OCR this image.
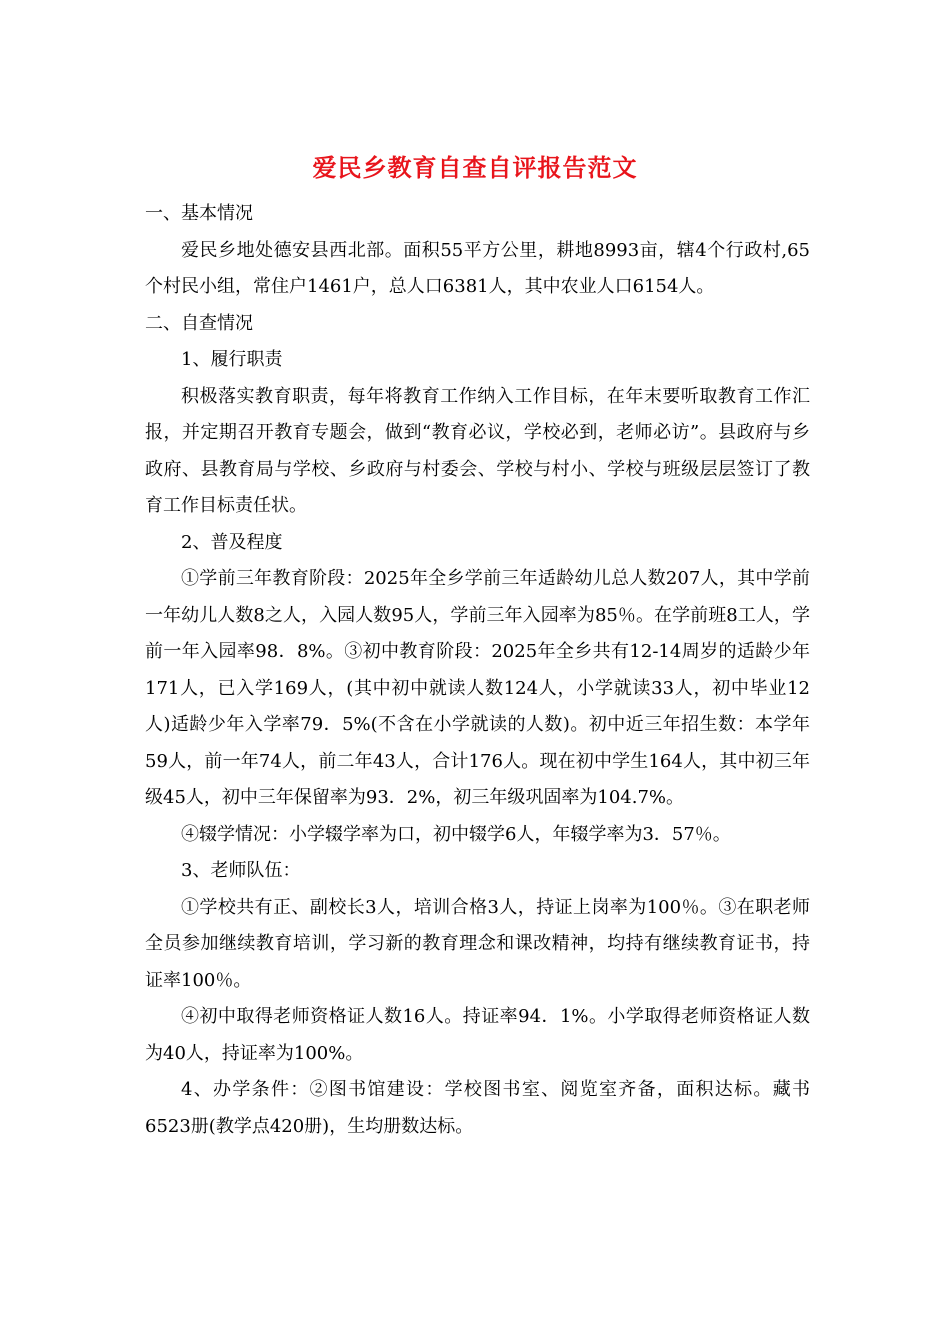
爱民乡教育自查自评报告范文

一、基本情况

爱民乡地处德安县西北部。面积55平方公里，耕地8993亩，辖4个行政村,65个村民小组，常住户1461户，总人口6381人，其中农业人口6154人。

二、自查情况

1、履行职责

积极落实教育职责，每年将教育工作纳入工作目标，在年末要听取教育工作汇报，并定期召开教育专题会，做到“教育必议，学校必到，老师必访”。县政府与乡政府、县教育局与学校、乡政府与村委会、学校与村小、学校与班级层层签订了教育工作目标责任状。

2、普及程度

①学前三年教育阶段：2025年全乡学前三年适龄幼儿总人数207人，其中学前一年幼儿人数8之人，入园人数95人，学前三年入园率为85％。在学前班8工人，学前一年入园率98．8%。③初中教育阶段：2025年全乡共有12-14周岁的适龄少年171人，已入学169人，(其中初中就读人数124人，小学就读33人，初中毕业12人)适龄少年入学率79．5%(不含在小学就读的人数)。初中近三年招生数：本学年59人，前一年74人，前二年43人，合计176人。现在初中学生164人，其中初三年级45人，初中三年保留率为93．2%，初三年级巩固率为104.7%。

④辍学情况：小学辍学率为口，初中辍学6人，年辍学率为3．57％。

3、老师队伍：

①学校共有正、副校长3人，培训合格3人，持证上岗率为100％。③在职老师全员参加继续教育培训，学习新的教育理念和课改精神，均持有继续教育证书，持证率100％。

④初中取得老师资格证人数16人。持证率94．1%。小学取得老师资格证人数为40人，持证率为100%。

4、办学条件：②图书馆建设：学校图书室、阅览室齐备，面积达标。藏书6523册(教学点420册)，生均册数达标。
